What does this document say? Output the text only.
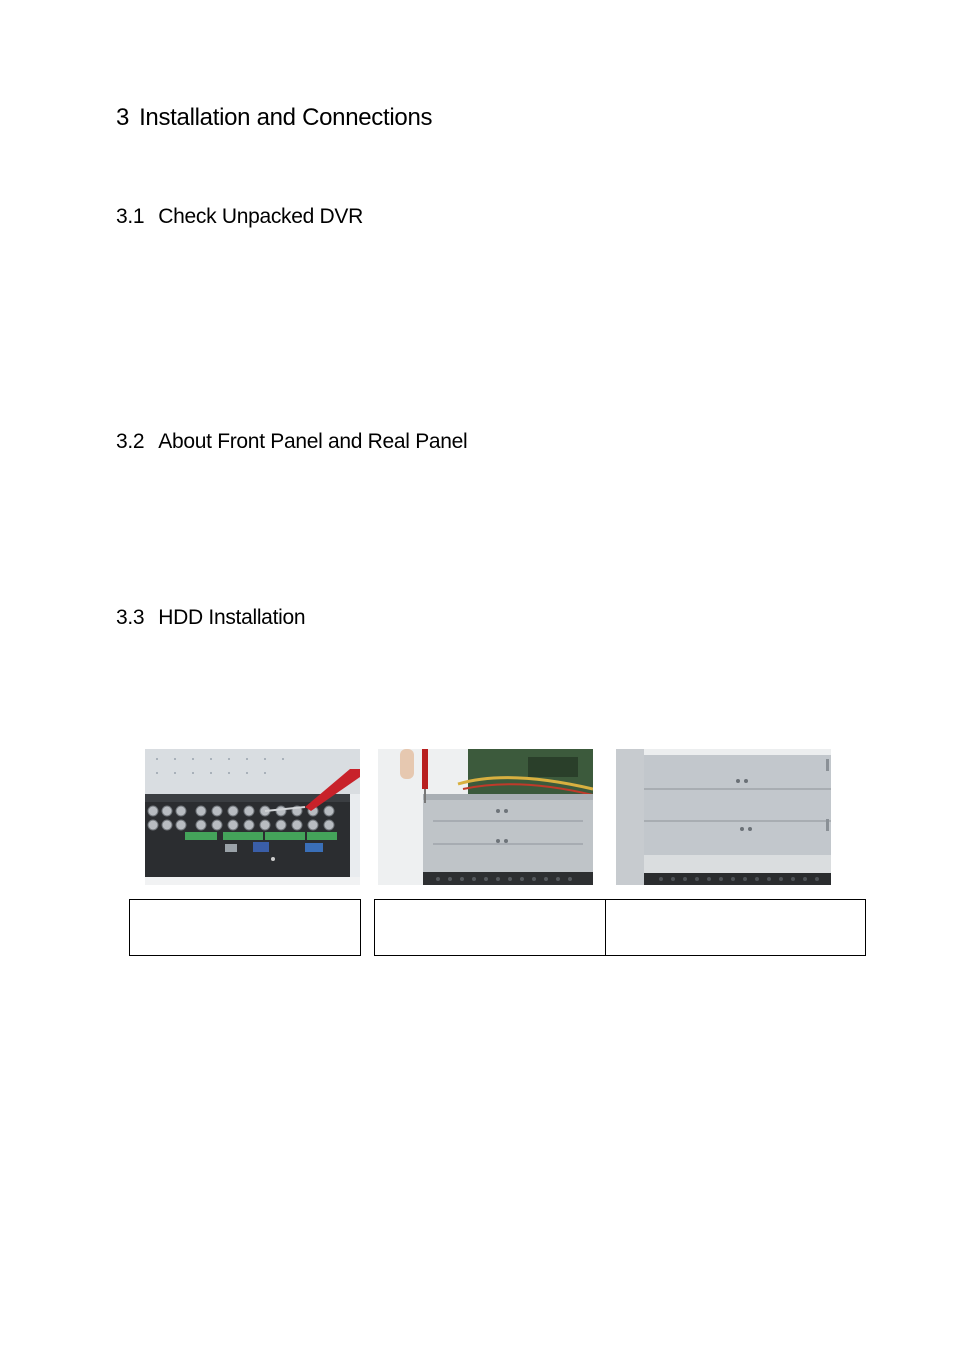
3 Installation and Connections
3.1 Check Unpacked DVR
3.2 About Front Panel and Real Panel
3.3 HDD Installation
